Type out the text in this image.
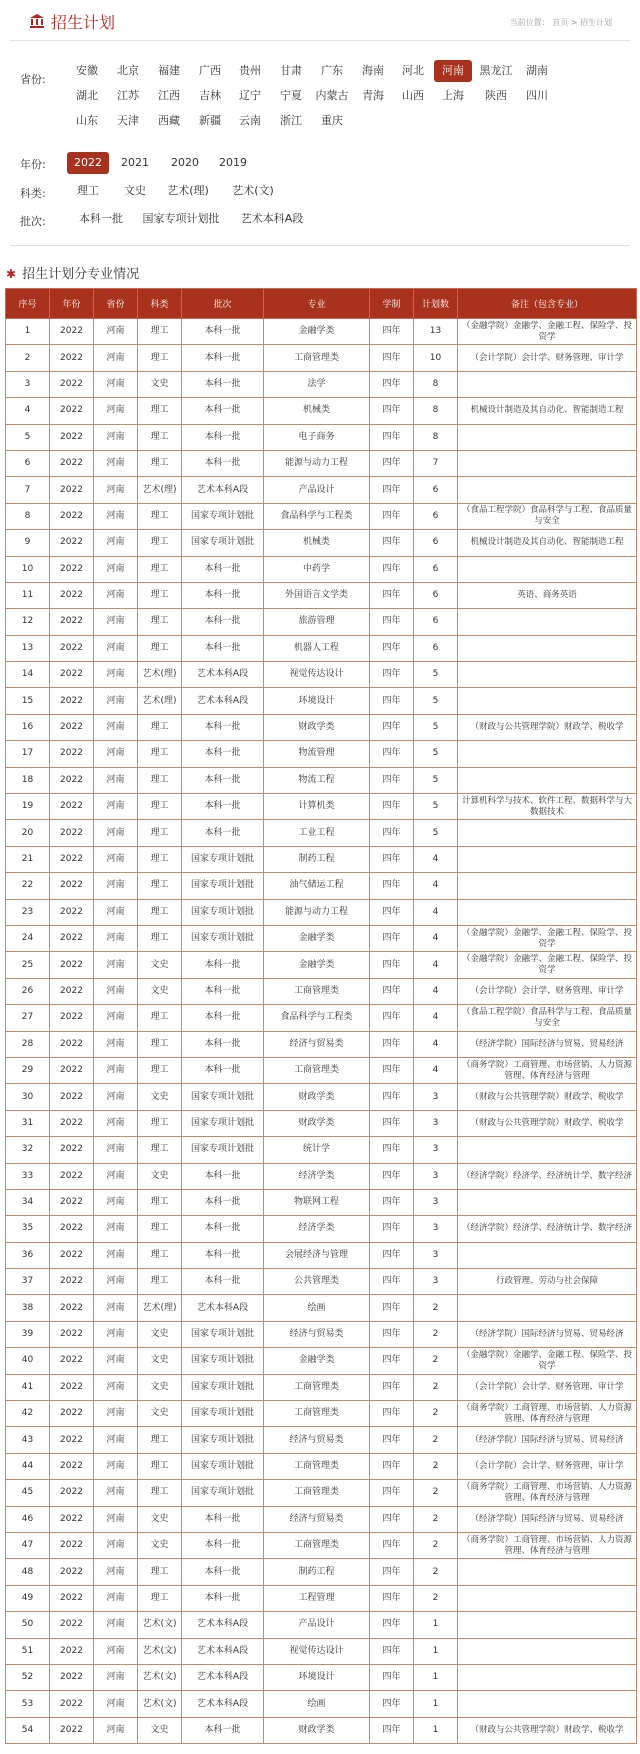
招生计划	当前位置： 首页 > 招生计划
省份:
年份:
科类:
批次:
安徽	北京	福建	广西	贵州	甘肃	广东	海南	河北	河南	黑龙江	湖南
湖北	江苏	江西	吉林	辽宁	宁夏	内蒙古	青海	山西	上海	陕西	四川
山东	天津	西藏	新疆	云南	浙江	重庆
2022	2021	2020	2019
理工	文史	艺术(理)	艺术(文)
本科一批	国家专项计划批	艺术本科A段
✱ 招生计划分专业情况
序号	年份	省份	科类	批次	专业	学制	计划数	备注（包含专业）
1	2022	河南	理工	本科一批	金融学类	四年	13	（金融学院）金融学、金融工程、保险学、投资学
2	2022	河南	理工	本科一批	工商管理类	四年	10	（会计学院）会计学、财务管理、审计学
3	2022	河南	文史	本科一批	法学	四年	8	
4	2022	河南	理工	本科一批	机械类	四年	8	机械设计制造及其自动化、智能制造工程
5	2022	河南	理工	本科一批	电子商务	四年	8	
6	2022	河南	理工	本科一批	能源与动力工程	四年	7	
7	2022	河南	艺术(理)	艺术本科A段	产品设计	四年	6	
8	2022	河南	理工	国家专项计划批	食品科学与工程类	四年	6	（食品工程学院）食品科学与工程、食品质量与安全
9	2022	河南	理工	国家专项计划批	机械类	四年	6	机械设计制造及其自动化、智能制造工程
10	2022	河南	理工	本科一批	中药学	四年	6	
11	2022	河南	理工	本科一批	外国语言文学类	四年	6	英语、商务英语
12	2022	河南	理工	本科一批	旅游管理	四年	6	
13	2022	河南	理工	本科一批	机器人工程	四年	6	
14	2022	河南	艺术(理)	艺术本科A段	视觉传达设计	四年	5	
15	2022	河南	艺术(理)	艺术本科A段	环境设计	四年	5	
16	2022	河南	理工	本科一批	财政学类	四年	5	（财政与公共管理学院）财政学、税收学
17	2022	河南	理工	本科一批	物流管理	四年	5	
18	2022	河南	理工	本科一批	物流工程	四年	5	
19	2022	河南	理工	本科一批	计算机类	四年	5	计算机科学与技术、软件工程、数据科学与大数据技术
20	2022	河南	理工	本科一批	工业工程	四年	5	
21	2022	河南	理工	国家专项计划批	制药工程	四年	4	
22	2022	河南	理工	国家专项计划批	油气储运工程	四年	4	
23	2022	河南	理工	国家专项计划批	能源与动力工程	四年	4	
24	2022	河南	理工	国家专项计划批	金融学类	四年	4	（金融学院）金融学、金融工程、保险学、投资学
25	2022	河南	文史	本科一批	金融学类	四年	4	（金融学院）金融学、金融工程、保险学、投资学
26	2022	河南	文史	本科一批	工商管理类	四年	4	（会计学院）会计学、财务管理、审计学
27	2022	河南	理工	本科一批	食品科学与工程类	四年	4	（食品工程学院）食品科学与工程、食品质量与安全
28	2022	河南	理工	本科一批	经济与贸易类	四年	4	（经济学院）国际经济与贸易、贸易经济
29	2022	河南	理工	本科一批	工商管理类	四年	4	（商务学院）工商管理、市场营销、人力资源管理、体育经济与管理
30	2022	河南	文史	国家专项计划批	财政学类	四年	3	（财政与公共管理学院）财政学、税收学
31	2022	河南	理工	国家专项计划批	财政学类	四年	3	（财政与公共管理学院）财政学、税收学
32	2022	河南	理工	国家专项计划批	统计学	四年	3	
33	2022	河南	文史	本科一批	经济学类	四年	3	（经济学院）经济学、经济统计学、数字经济
34	2022	河南	理工	本科一批	物联网工程	四年	3	
35	2022	河南	理工	本科一批	经济学类	四年	3	（经济学院）经济学、经济统计学、数字经济
36	2022	河南	理工	本科一批	会展经济与管理	四年	3	
37	2022	河南	理工	本科一批	公共管理类	四年	3	行政管理、劳动与社会保障
38	2022	河南	艺术(理)	艺术本科A段	绘画	四年	2	
39	2022	河南	文史	国家专项计划批	经济与贸易类	四年	2	（经济学院）国际经济与贸易、贸易经济
40	2022	河南	文史	国家专项计划批	金融学类	四年	2	（金融学院）金融学、金融工程、保险学、投资学
41	2022	河南	文史	国家专项计划批	工商管理类	四年	2	（会计学院）会计学、财务管理、审计学
42	2022	河南	文史	国家专项计划批	工商管理类	四年	2	（商务学院）工商管理、市场营销、人力资源管理、体育经济与管理
43	2022	河南	理工	国家专项计划批	经济与贸易类	四年	2	（经济学院）国际经济与贸易、贸易经济
44	2022	河南	理工	国家专项计划批	工商管理类	四年	2	（会计学院）会计学、财务管理、审计学
45	2022	河南	理工	国家专项计划批	工商管理类	四年	2	（商务学院）工商管理、市场营销、人力资源管理、体育经济与管理
46	2022	河南	文史	本科一批	经济与贸易类	四年	2	（经济学院）国际经济与贸易、贸易经济
47	2022	河南	文史	本科一批	工商管理类	四年	2	（商务学院）工商管理、市场营销、人力资源管理、体育经济与管理
48	2022	河南	理工	本科一批	制药工程	四年	2	
49	2022	河南	理工	本科一批	工程管理	四年	2	
50	2022	河南	艺术(文)	艺术本科A段	产品设计	四年	1	
51	2022	河南	艺术(文)	艺术本科A段	视觉传达设计	四年	1	
52	2022	河南	艺术(文)	艺术本科A段	环境设计	四年	1	
53	2022	河南	艺术(文)	艺术本科A段	绘画	四年	1	
54	2022	河南	文史	本科一批	财政学类	四年	1	（财政与公共管理学院）财政学、税收学
